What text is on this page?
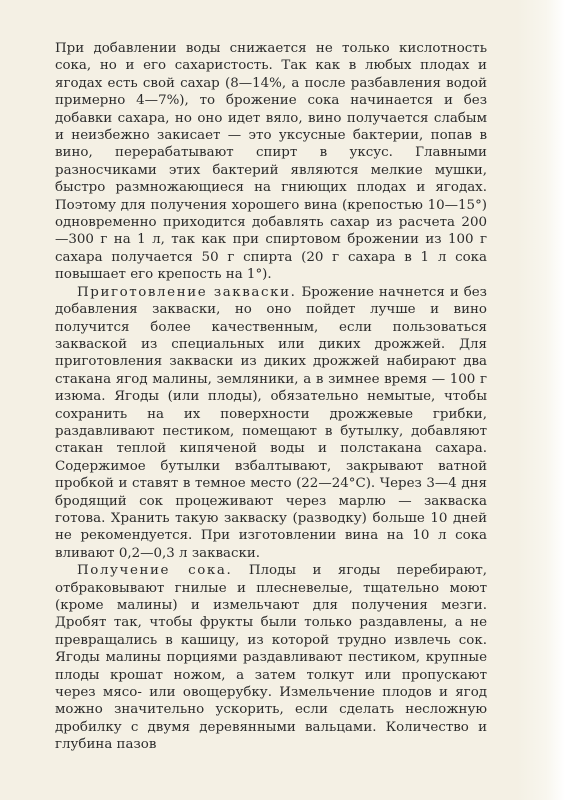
При добавлении воды снижается не только кислотность сока, но и его сахаристость. Так как в любых плодах и ягодах есть свой сахар (8—14%, а после разбавления водой примерно 4—7%), то брожение сока начинается и без добавки сахара, но оно идет вяло, вино получается слабым и неизбежно закисает — это уксусные бактерии, попав в вино, перерабатывают спирт в уксус. Главными разносчиками этих бактерий являются мелкие мушки, быстро размножающиеся на гниющих плодах и ягодах. Поэтому для получения хорошего вина (крепостью 10—15°) одновременно приходится добавлять сахар из расчета 200—300 г на 1 л, так как при спиртовом брожении из 100 г сахара получается 50 г спирта (20 г сахара в 1 л сока повышает его крепость на 1°).

Приготовление закваски. Брожение начнется и без добавления закваски, но оно пойдет лучше и вино получится более качественным, если пользоваться закваской из специальных или диких дрожжей. Для приготовления закваски из диких дрожжей набирают два стакана ягод малины, земляники, а в зимнее время — 100 г изюма. Ягоды (или плоды), обязательно немытые, чтобы сохранить на их поверхности дрожжевые грибки, раздавливают пестиком, помещают в бутылку, добавляют стакан теплой кипяченой воды и полстакана сахара. Содержимое бутылки взбалтывают, закрывают ватной пробкой и ставят в темное место (22—24°С). Через 3—4 дня бродящий сок процеживают через марлю — закваска готова. Хранить такую закваску (разводку) больше 10 дней не рекомендуется. При изготовлении вина на 10 л сока вливают 0,2—0,3 л закваски.

Получение сока. Плоды и ягоды перебирают, отбраковывают гнилые и плесневелые, тщательно моют (кроме малины) и измельчают для получения мезги. Дробят так, чтобы фрукты были только раздавлены, а не превращались в кашицу, из которой трудно извлечь сок. Ягоды малины порциями раздавливают пестиком, крупные плоды крошат ножом, а затем толкут или пропускают через мясо- или овощерубку. Измельчение плодов и ягод можно значительно ускорить, если сделать несложную дробилку с двумя деревянными вальцами. Количество и глубина пазов
